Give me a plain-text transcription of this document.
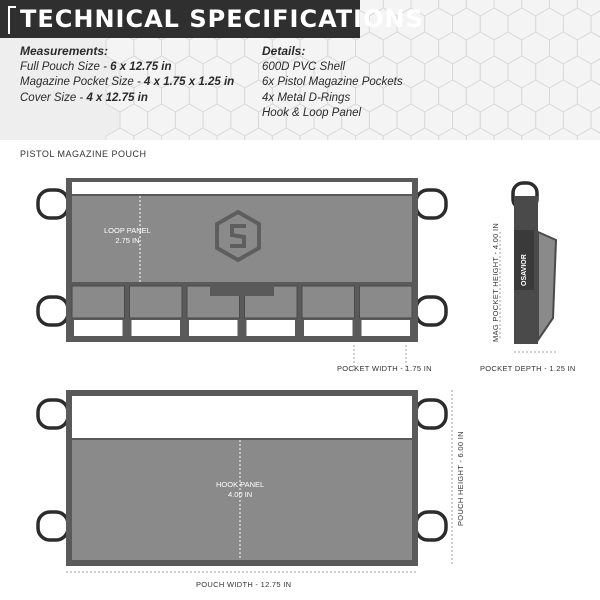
TECHNICAL SPECIFICATIONS
Measurements:
Full Pouch Size - 6 x 12.75 in
Magazine Pocket Size - 4 x 1.75 x 1.25 in
Cover Size - 4 x 12.75 in
Details:
600D PVC Shell
6x Pistol Magazine Pockets
4x Metal D-Rings
Hook & Loop Panel
PISTOL MAGAZINE POUCH
LOOP PANEL
2.75 IN
POCKET WIDTH - 1.75 IN
OSAVIOR
MAG POCKET HEIGHT - 4.00 IN
POCKET DEPTH - 1.25 IN
HOOK PANEL
4.00 IN	POUCH HEIGHT - 6.00 IN
POUCH WIDTH - 12.75 IN
